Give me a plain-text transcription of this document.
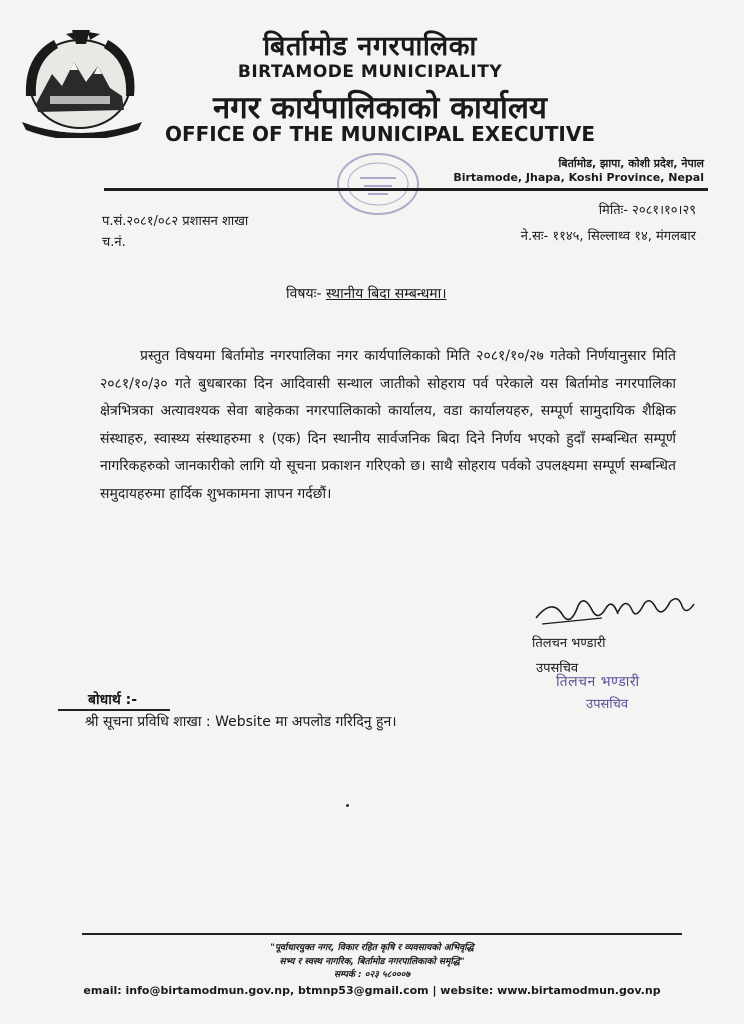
बिर्तामोड नगरपालिका
BIRTAMODE MUNICIPALITY
नगर कार्यपालिकाको कार्यालय
OFFICE OF THE MUNICIPAL EXECUTIVE
बिर्तामोड, झापा, कोशी प्रदेश, नेपाल
Birtamode, Jhapa, Koshi Province, Nepal
प.सं.२०८१/०८२ प्रशासन शाखा
च.नं.
मितिः- २०८१।१०।२९
ने.सः- ११४५, सिल्लाथ्व १४, मंगलबार
विषयः- स्थानीय बिदा सम्बन्धमा।
प्रस्तुत विषयमा बिर्तामोड नगरपालिका नगर कार्यपालिकाको मिति २०८१/१०/२७ गतेको निर्णयानुसार मिति २०८१/१०/३० गते बुधबारका दिन आदिवासी सन्थाल जातीको सोहराय पर्व परेकाले यस बिर्तामोड नगरपालिका क्षेत्रभित्रका अत्यावश्यक सेवा बाहेकका नगरपालिकाको कार्यालय, वडा कार्यालयहरु, सम्पूर्ण सामुदायिक शैक्षिक संस्थाहरु, स्वास्थ्य संस्थाहरुमा १ (एक) दिन स्थानीय सार्वजनिक बिदा दिने निर्णय भएको हुदाँ सम्बन्धित सम्पूर्ण नागरिकहरुको जानकारीको लागि यो सूचना प्रकाशन गरिएको छ। साथै सोहराय पर्वको उपलक्ष्यमा सम्पूर्ण सम्बन्धित समुदायहरुमा हार्दिक शुभकामना ज्ञापन गर्दछौं।
तिलचन भण्डारी
उपसचिव
तिलचन भण्डारी
उपसचिव
बोधार्थ :-
श्री सूचना प्रविधि शाखा : Website मा अपलोड गरिदिनु हुन।
"पूर्वाधारयुक्त नगर, विकार रहित कृषि र व्यवसायको अभिवृद्धि
सभ्य र स्वस्थ नागरिक, बिर्तामोड नगरपालिकाको समृद्धि"
सम्पर्क : ०२३ ५८०००७
email: info@birtamodmun.gov.np, btmnp53@gmail.com | website: www.birtamodmun.gov.np
